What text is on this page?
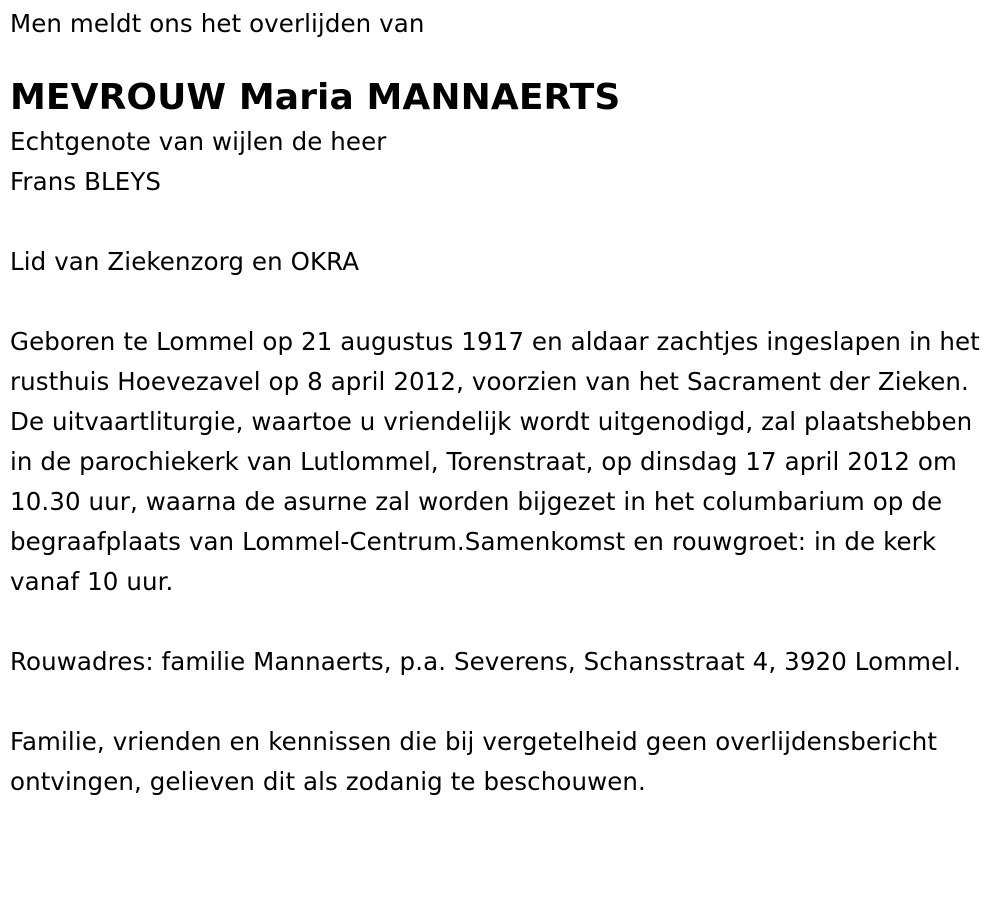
Men meldt ons het overlijden van

MEVROUW Maria MANNAERTS

Echtgenote van wijlen de heer

Frans BLEYS

Lid van Ziekenzorg en OKRA

Geboren te Lommel op 21 augustus 1917 en aldaar zachtjes ingeslapen in het rusthuis Hoevezavel op 8 april 2012, voorzien van het Sacrament der Zieken.

De uitvaartliturgie, waartoe u vriendelijk wordt uitgenodigd, zal plaatshebben in de parochiekerk van Lutlommel, Torenstraat, op dinsdag 17 april 2012 om 10.30 uur, waarna de asurne zal worden bijgezet in het columbarium op de begraafplaats van Lommel-Centrum.Samenkomst en rouwgroet: in de kerk vanaf 10 uur.

Rouwadres: familie Mannaerts, p.a. Severens, Schansstraat 4, 3920 Lommel.

Familie, vrienden en kennissen die bij vergetelheid geen overlijdensbericht ontvingen, gelieven dit als zodanig te beschouwen.
